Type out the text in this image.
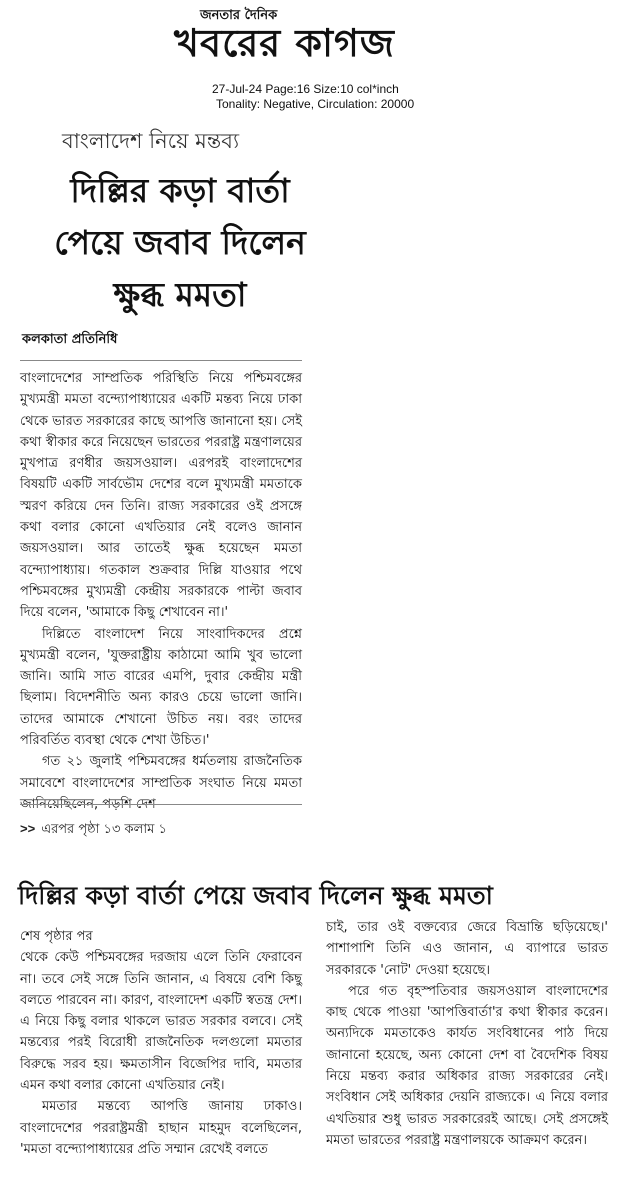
জনতার দৈনিক
খবরের কাগজ
27-Jul-24 Page:16 Size:10 col*inch
Tonality: Negative, Circulation: 20000
বাংলাদেশ নিয়ে মন্তব্য
দিল্লির কড়া বার্তা
পেয়ে জবাব দিলেন
ক্ষুব্ধ মমতা
কলকাতা প্রতিনিধি

বাংলাদেশের সাম্প্রতিক পরিস্থিতি নিয়ে পশ্চিমবঙ্গের মুখ্যমন্ত্রী মমতা বন্দ্যোপাধ্যায়ের একটি মন্তব্য নিয়ে ঢাকা থেকে ভারত সরকারের কাছে আপত্তি জানানো হয়। সেই কথা স্বীকার করে নিয়েছেন ভারতের পররাষ্ট্র মন্ত্রণালয়ের মুখপাত্র রণধীর জয়সওয়াল। এরপরই বাংলাদেশের বিষয়টি একটি সার্বভৌম দেশের বলে মুখ্যমন্ত্রী মমতাকে স্মরণ করিয়ে দেন তিনি। রাজ্য সরকারের ওই প্রসঙ্গে কথা বলার কোনো এখতিয়ার নেই বলেও জানান জয়সওয়াল। আর তাতেই ক্ষুব্ধ হয়েছেন মমতা বন্দ্যোপাধ্যায়। গতকাল শুক্রবার দিল্লি যাওয়ার পথে পশ্চিমবঙ্গের মুখ্যমন্ত্রী কেন্দ্রীয় সরকারকে পাল্টা জবাব দিয়ে বলেন, 'আমাকে কিছু শেখাবেন না।'

দিল্লিতে বাংলাদেশ নিয়ে সাংবাদিকদের প্রশ্নে মুখ্যমন্ত্রী বলেন, 'যুক্তরাষ্ট্রীয় কাঠামো আমি খুব ভালো জানি। আমি সাত বারের এমপি, দুবার কেন্দ্রীয় মন্ত্রী ছিলাম। বিদেশনীতি অন্য কারও চেয়ে ভালো জানি। তাদের আমাকে শেখানো উচিত নয়। বরং তাদের পরিবর্তিত ব্যবস্থা থেকে শেখা উচিত।'

গত ২১ জুলাই পশ্চিমবঙ্গের ধর্মতলায় রাজনৈতিক সমাবেশে বাংলাদেশের সাম্প্রতিক সংঘাত নিয়ে মমতা জানিয়েছিলেন, পড়শি দেশ

>> এরপর পৃষ্ঠা ১৩ কলাম ১
দিল্লির কড়া বার্তা পেয়ে জবাব দিলেন ক্ষুব্ধ মমতা

শেষ পৃষ্ঠার পর

থেকে কেউ পশ্চিমবঙ্গের দরজায় এলে তিনি ফেরাবেন না। তবে সেই সঙ্গে তিনি জানান, এ বিষয়ে বেশি কিছু বলতে পারবেন না। কারণ, বাংলাদেশ একটি স্বতন্ত্র দেশ। এ নিয়ে কিছু বলার থাকলে ভারত সরকার বলবে। সেই মন্তব্যের পরই বিরোধী রাজনৈতিক দলগুলো মমতার বিরুদ্ধে সরব হয়। ক্ষমতাসীন বিজেপির দাবি, মমতার এমন কথা বলার কোনো এখতিয়ার নেই।

মমতার মন্তব্যে আপত্তি জানায় ঢাকাও। বাংলাদেশের পররাষ্ট্রমন্ত্রী হাছান মাহমুদ বলেছিলেন, 'মমতা বন্দ্যোপাধ্যায়ের প্রতি সম্মান রেখেই বলতে

চাই, তার ওই বক্তব্যের জেরে বিভ্রান্তি ছড়িয়েছে।' পাশাপাশি তিনি এও জানান, এ ব্যাপারে ভারত সরকারকে 'নোট' দেওয়া হয়েছে।

পরে গত বৃহস্পতিবার জয়সওয়াল বাংলাদেশের কাছ থেকে পাওয়া 'আপত্তিবার্তা'র কথা স্বীকার করেন। অন্যদিকে মমতাকেও কার্যত সংবিধানের পাঠ দিয়ে জানানো হয়েছে, অন্য কোনো দেশ বা বৈদেশিক বিষয় নিয়ে মন্তব্য করার অধিকার রাজ্য সরকারের নেই। সংবিধান সেই অধিকার দেয়নি রাজ্যকে। এ নিয়ে বলার এখতিয়ার শুধু ভারত সরকারেরই আছে। সেই প্রসঙ্গেই মমতা ভারতের পররাষ্ট্র মন্ত্রণালয়কে আক্রমণ করেন।
